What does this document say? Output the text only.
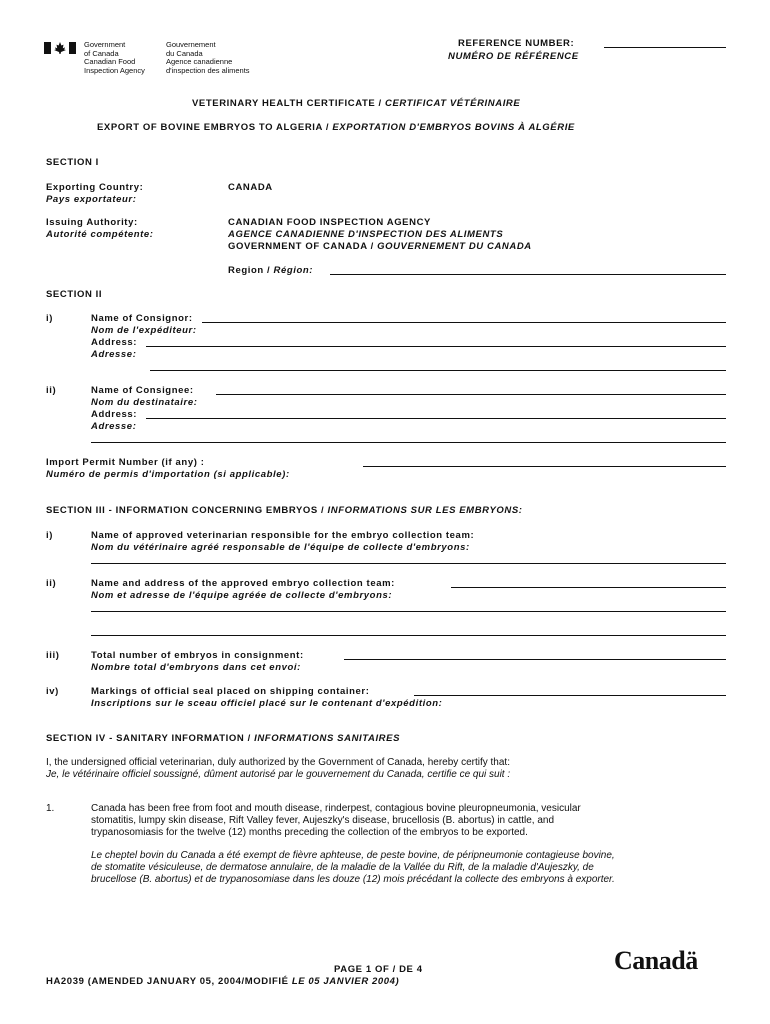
Government
of Canada
Canadian Food
Inspection Agency
Gouvernement
du Canada
Agence canadienne
d'inspection des aliments
REFERENCE NUMBER:
NUMÉRO DE RÉFÉRENCE
VETERINARY HEALTH CERTIFICATE / CERTIFICAT VÉTÉRINAIRE
EXPORT OF BOVINE EMBRYOS TO ALGERIA / EXPORTATION D'EMBRYOS BOVINS À ALGÉRIE
SECTION I
Exporting Country:
Pays exportateur:
CANADA
Issuing Authority:
Autorité compétente:
CANADIAN FOOD INSPECTION AGENCY
AGENCE CANADIENNE D'INSPECTION DES ALIMENTS
GOVERNMENT OF CANADA / GOUVERNEMENT DU CANADA
Region / Région:
SECTION II
i)	Name of Consignor:
Nom de l'expéditeur:
Address:
Adresse:
ii)	Name of Consignee:
Nom du destinataire:
Address:
Adresse:
Import Permit Number (if any) :
Numéro de permis d'importation (si applicable):
SECTION III - INFORMATION CONCERNING EMBRYOS / INFORMATIONS SUR LES EMBRYONS:
i)	Name of approved veterinarian responsible for the embryo collection team:
Nom du vétérinaire agréé responsable de l'équipe de collecte d'embryons:
ii)	Name and address of the approved embryo collection team:
Nom et adresse de l'équipe agréée de collecte d'embryons:
iii)	Total number of embryos in consignment:
Nombre total d'embryons dans cet envoi:
iv)	Markings of official seal placed on shipping container:
Inscriptions sur le sceau officiel placé sur le contenant d'expédition:
SECTION IV - SANITARY INFORMATION / INFORMATIONS SANITAIRES
I, the undersigned official veterinarian, duly authorized by the Government of Canada, hereby certify that:
Je, le vétérinaire officiel soussigné, dûment autorisé par le gouvernement du Canada, certifie ce qui suit :
1.	Canada has been free from foot and mouth disease, rinderpest, contagious bovine pleuropneumonia, vesicular
stomatitis, lumpy skin disease, Rift Valley fever, Aujeszky's disease, brucellosis (B. abortus) in cattle, and
trypanosomiasis for the twelve (12) months preceding the collection of the embryos to be exported.
Le cheptel bovin du Canada a été exempt de fièvre aphteuse, de peste bovine, de péripneumonie contagieuse bovine,
de stomatite vésiculeuse, de dermatose annulaire, de la maladie de la Vallée du Rift, de la maladie d'Aujeszky, de
brucellose (B. abortus) et de trypanosomiase dans les douze (12) mois précédant la collecte des embryons à exporter.
PAGE 1 OF / DE 4
HA2039 (AMENDED JANUARY 05, 2004/MODIFIÉ LE 05 JANVIER 2004)
Canadä
